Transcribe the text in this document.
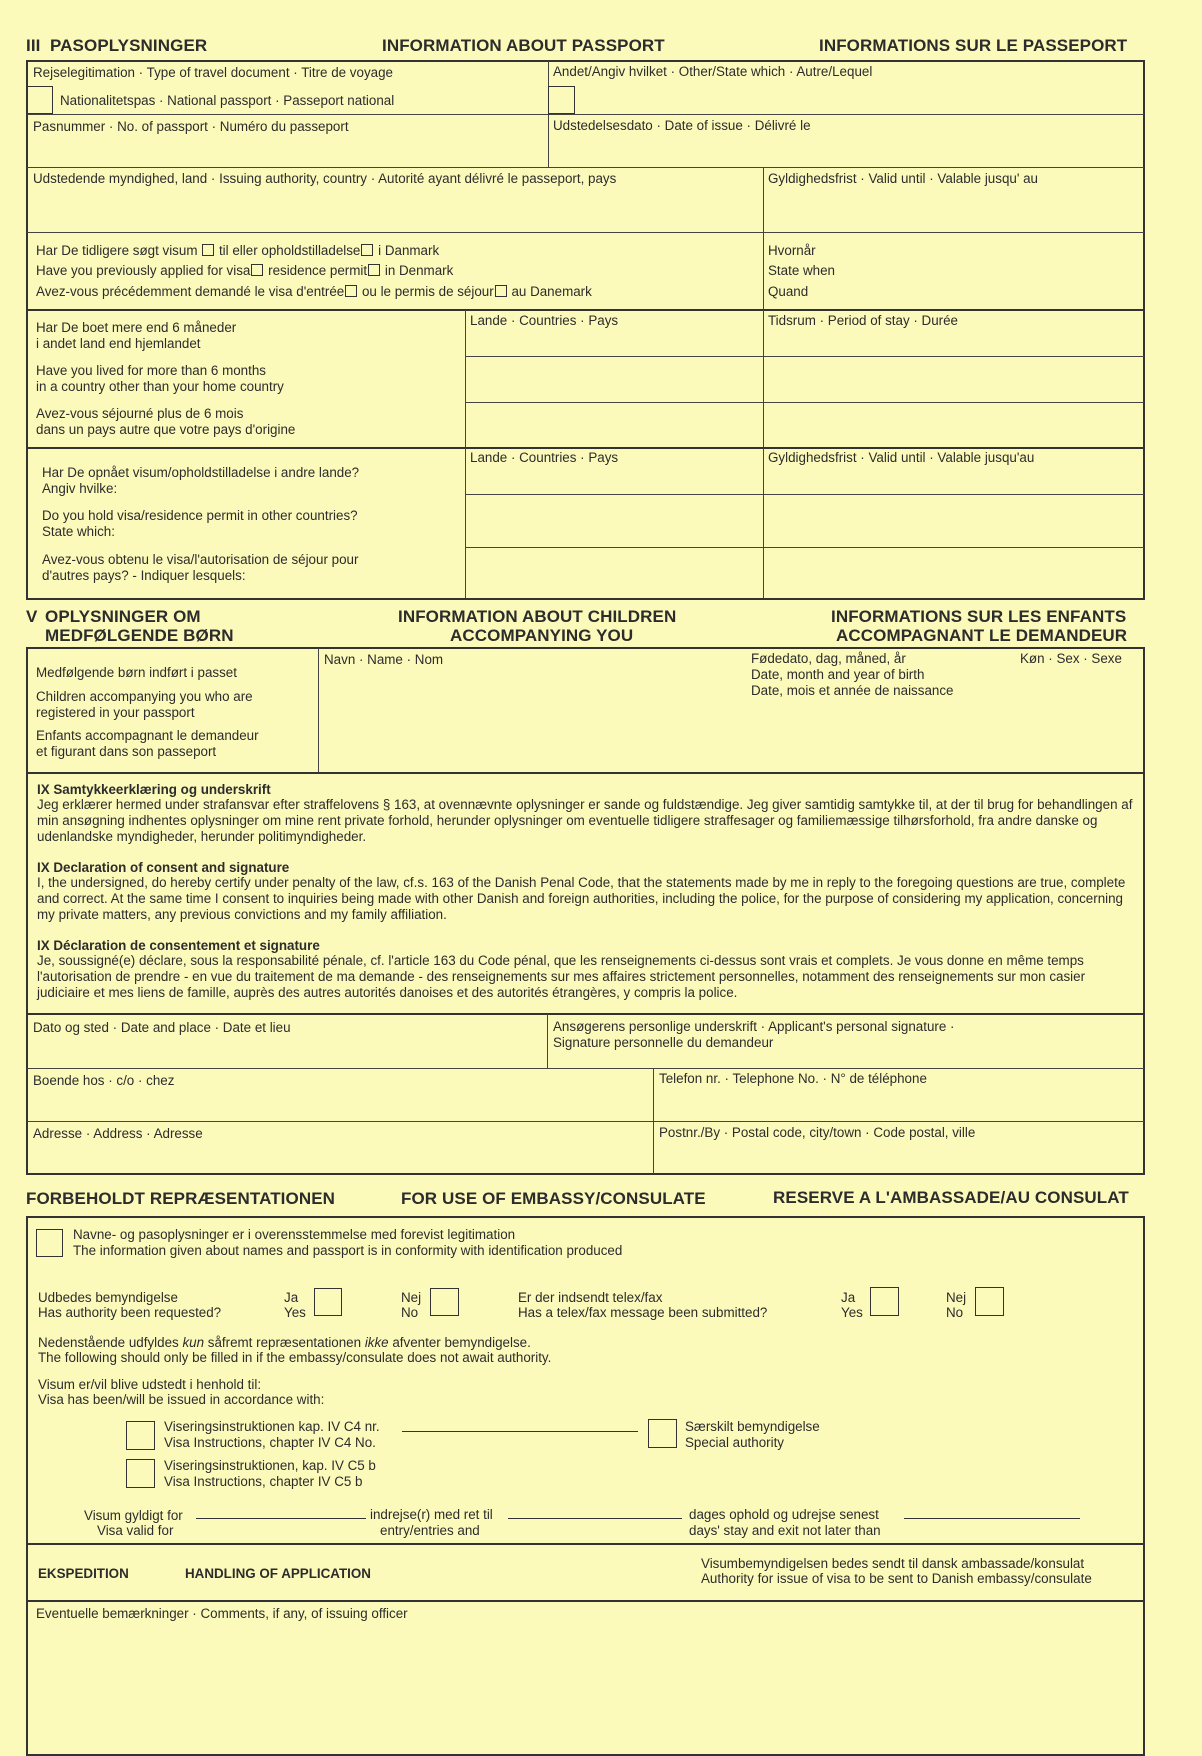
III PASOPLYSNINGER	INFORMATION ABOUT PASSPORT	INFORMATIONS SUR LE PASSEPORT
Rejselegitimation · Type of travel document · Titre de voyage
Nationalitetspas · National passport · Passeport national
Andet/Angiv hvilket · Other/State which · Autre/Lequel
Pasnummer · No. of passport · Numéro du passeport	Udstedelsesdato · Date of issue · Délivré le
Udstedende myndighed, land · Issuing authority, country · Autorité ayant délivré le passeport, pays	Gyldighedsfrist · Valid until · Valable jusqu' au
Har De tidligere søgt visum til eller opholdstilladelse i Danmark
Have you previously applied for visa residence permit in Denmark
Avez-vous précédemment demandé le visa d'entrée ou le permis de séjour au Danemark
Hvornår
State when
Quand
Har De boet mere end 6 måneder
i andet land end hjemlandet
Have you lived for more than 6 months
in a country other than your home country
Avez-vous séjourné plus de 6 mois
dans un pays autre que votre pays d'origine
Lande · Countries · Pays	Tidsrum · Period of stay · Durée
Har De opnået visum/opholdstilladelse i andre lande?
Angiv hvilke:
Do you hold visa/residence permit in other countries?
State which:
Avez-vous obtenu le visa/l'autorisation de séjour pour
d'autres pays? - Indiquer lesquels:
Lande · Countries · Pays	Gyldighedsfrist · Valid until · Valable jusqu'au
V OPLYSNINGER OM
MEDFØLGENDE BØRN
INFORMATION ABOUT CHILDREN
ACCOMPANYING YOU
INFORMATIONS SUR LES ENFANTS
ACCOMPAGNANT LE DEMANDEUR
Medfølgende børn indført i passet
Children accompanying you who are
registered in your passport
Enfants accompagnant le demandeur
et figurant dans son passeport
Navn · Name · Nom	Fødedato, dag, måned, år
Date, month and year of birth
Date, mois et année de naissance
Køn · Sex · Sexe
IX Samtykkeerklæring og underskrift
Jeg erklærer hermed under strafansvar efter straffelovens § 163, at ovennævnte oplysninger er sande og fuldstændige. Jeg giver samtidig samtykke til, at der til brug for behandlingen af min ansøgning indhentes oplysninger om mine rent private forhold, herunder oplysninger om eventuelle tidligere straffesager og familiemæssige tilhørsforhold, fra andre danske og udenlandske myndigheder, herunder politimyndigheder.
IX Declaration of consent and signature
I, the undersigned, do hereby certify under penalty of the law, cf.s. 163 of the Danish Penal Code, that the statements made by me in reply to the foregoing questions are true, complete and correct. At the same time I consent to inquiries being made with other Danish and foreign authorities, including the police, for the purpose of considering my application, concerning my private matters, any previous convictions and my family affiliation.
IX Déclaration de consentement et signature
Je, soussigné(e) déclare, sous la responsabilité pénale, cf. l'article 163 du Code pénal, que les renseignements ci-dessus sont vrais et complets. Je vous donne en même temps l'autorisation de prendre - en vue du traitement de ma demande - des renseignements sur mes affaires strictement personnelles, notamment des renseignements sur mon casier judiciaire et mes liens de famille, auprès des autres autorités danoises et des autorités étrangères, y compris la police.
Dato og sted · Date and place · Date et lieu	Ansøgerens personlige underskrift · Applicant's personal signature ·
Signature personnelle du demandeur
Boende hos · c/o · chez	Telefon nr. · Telephone No. · N° de téléphone
Adresse · Address · Adresse	Postnr./By · Postal code, city/town · Code postal, ville
FORBEHOLDT REPRÆSENTATIONEN	FOR USE OF EMBASSY/CONSULATE	RESERVE A L'AMBASSADE/AU CONSULAT
Navne- og pasoplysninger er i overensstemmelse med forevist legitimation
The information given about names and passport is in conformity with identification produced
Udbedes bemyndigelse
Has authority been requested?
Ja
Yes
Nej
No
Er der indsendt telex/fax
Has a telex/fax message been submitted?
Ja
Yes
Nej
No
Nedenstående udfyldes kun såfremt repræsentationen ikke afventer bemyndigelse.
The following should only be filled in if the embassy/consulate does not await authority.
Visum er/vil blive udstedt i henhold til:
Visa has been/will be issued in accordance with:
Viseringsinstruktionen kap. IV C4 nr.
Visa Instructions, chapter IV C4 No.
Særskilt bemyndigelse
Special authority
Viseringsinstruktionen, kap. IV C5 b
Visa Instructions, chapter IV C5 b
Visum gyldigt for
Visa valid for
indrejse(r) med ret til
entry/entries and
dages ophold og udrejse senest
days' stay and exit not later than
EKSPEDITION	HANDLING OF APPLICATION
Visumbemyndigelsen bedes sendt til dansk ambassade/konsulat
Authority for issue of visa to be sent to Danish embassy/consulate
Eventuelle bemærkninger · Comments, if any, of issuing officer
